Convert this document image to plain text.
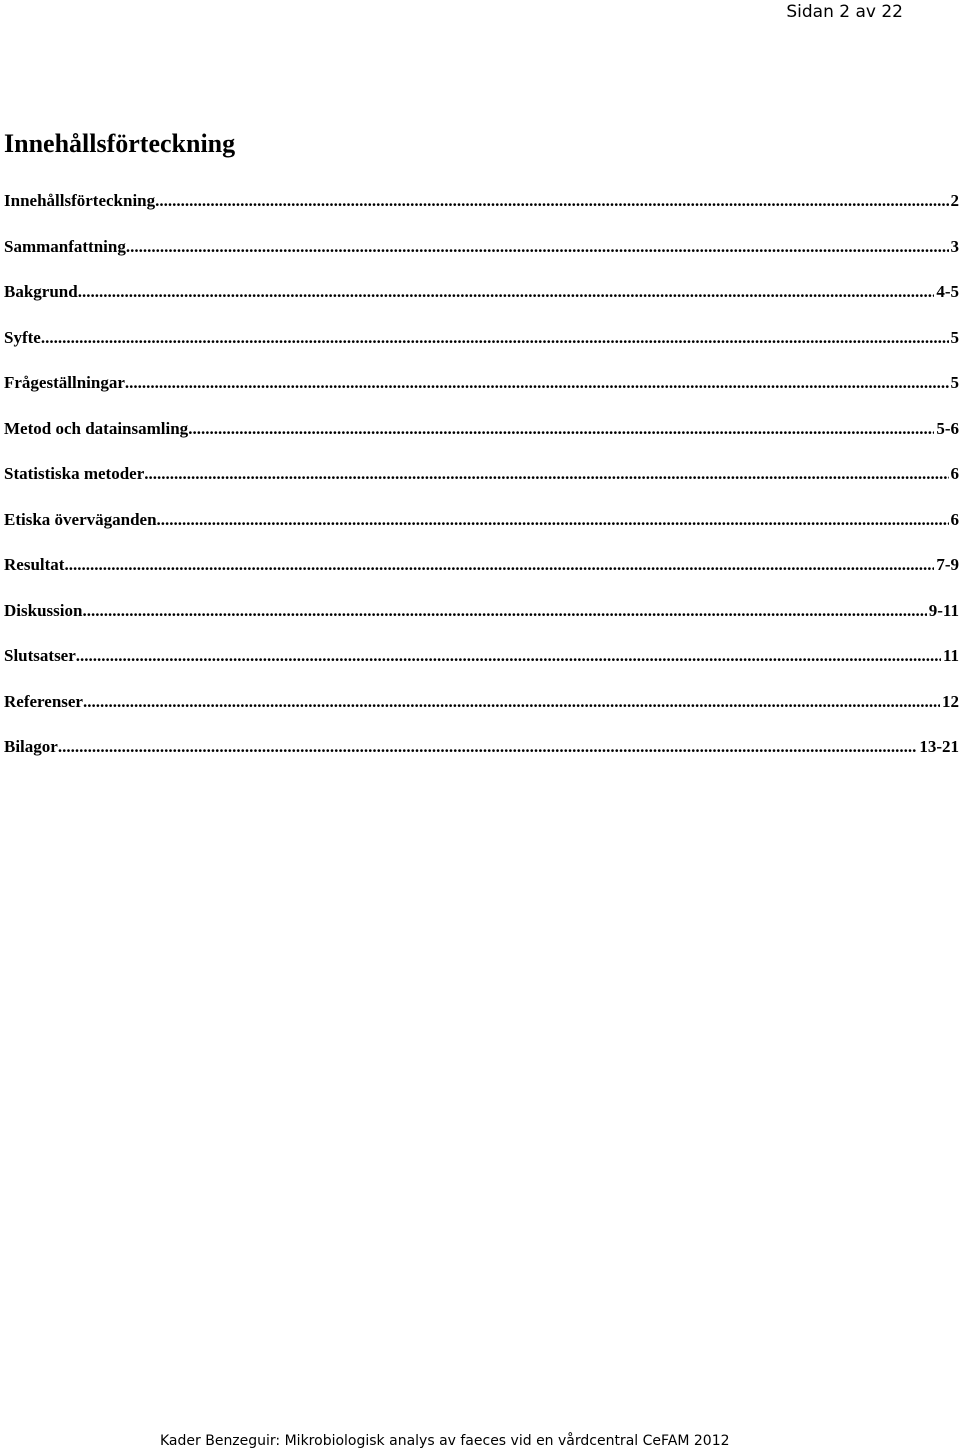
Sidan 2 av 22

Innehållsförteckning
Innehållsförteckning .....	2
Sammanfattning .....	3
Bakgrund .....	4-5
Syfte .....	5
Frågeställningar .....	5
Metod och datainsamling .....	5-6
Statistiska metoder .....	6
Etiska överväganden .....	6
Resultat .....	7-9
Diskussion .....	9-11
Slutsatser .....	11
Referenser .....	12
Bilagor .....	13-21

Kader Benzeguir: Mikrobiologisk analys av faeces vid en vårdcentral CeFAM 2012
